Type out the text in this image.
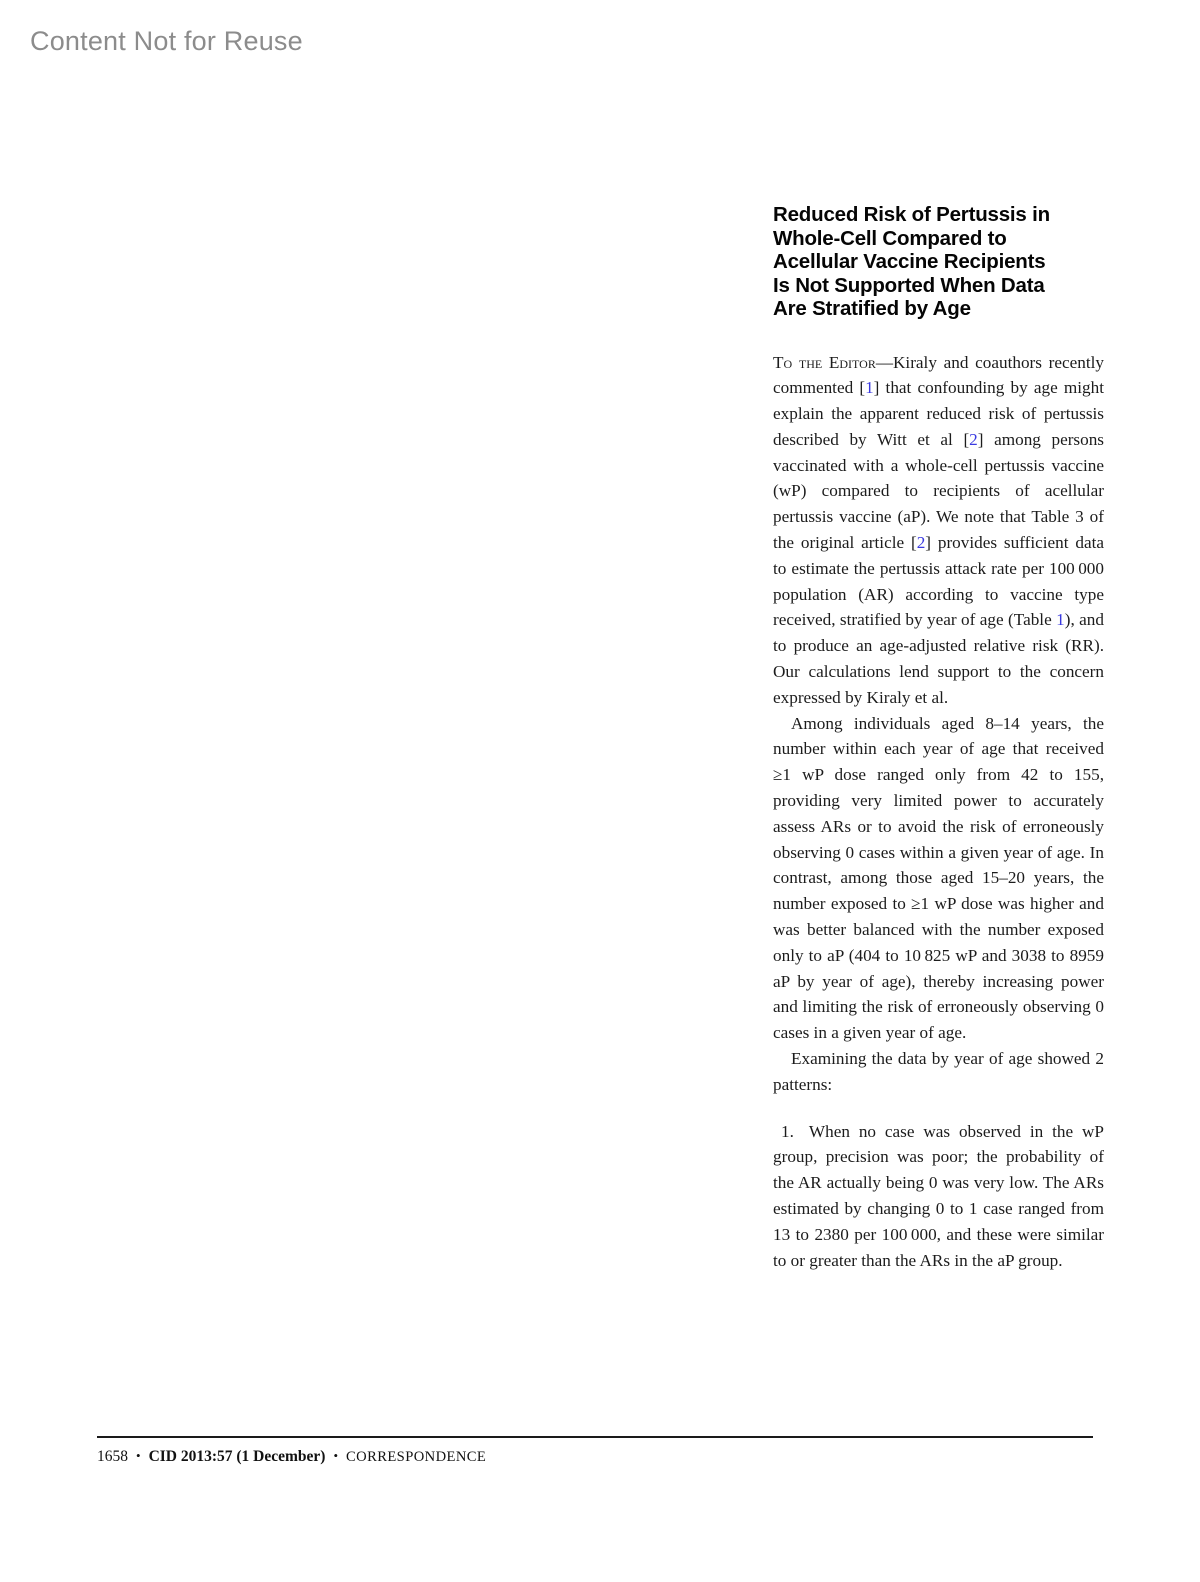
Content Not for Reuse
Reduced Risk of Pertussis in
Whole-Cell Compared to
Acellular Vaccine Recipients
Is Not Supported When Data
Are Stratified by Age

To the Editor—Kiraly and coauthors recently commented [1] that confounding by age might explain the apparent reduced risk of pertussis described by Witt et al [2] among persons vaccinated with a whole-cell pertussis vaccine (wP) compared to recipients of acellular pertussis vaccine (aP). We note that Table 3 of the original article [2] provides sufficient data to estimate the pertussis attack rate per 100 000 population (AR) according to vaccine type received, stratified by year of age (Table 1), and to produce an age-adjusted relative risk (RR). Our calculations lend support to the concern expressed by Kiraly et al.

Among individuals aged 8–14 years, the number within each year of age that received ≥1 wP dose ranged only from 42 to 155, providing very limited power to accurately assess ARs or to avoid the risk of erroneously observing 0 cases within a given year of age. In contrast, among those aged 15–20 years, the number exposed to ≥1 wP dose was higher and was better balanced with the number exposed only to aP (404 to 10 825 wP and 3038 to 8959 aP by year of age), thereby increasing power and limiting the risk of erroneously observing 0 cases in a given year of age.

Examining the data by year of age showed 2 patterns:

1. When no case was observed in the wP group, precision was poor; the probability of the AR actually being 0 was very low. The ARs estimated by changing 0 to 1 case ranged from 13 to 2380 per 100 000, and these were similar to or greater than the ARs in the aP group.

1658 • CID 2013:57 (1 December) • CORRESPONDENCE
